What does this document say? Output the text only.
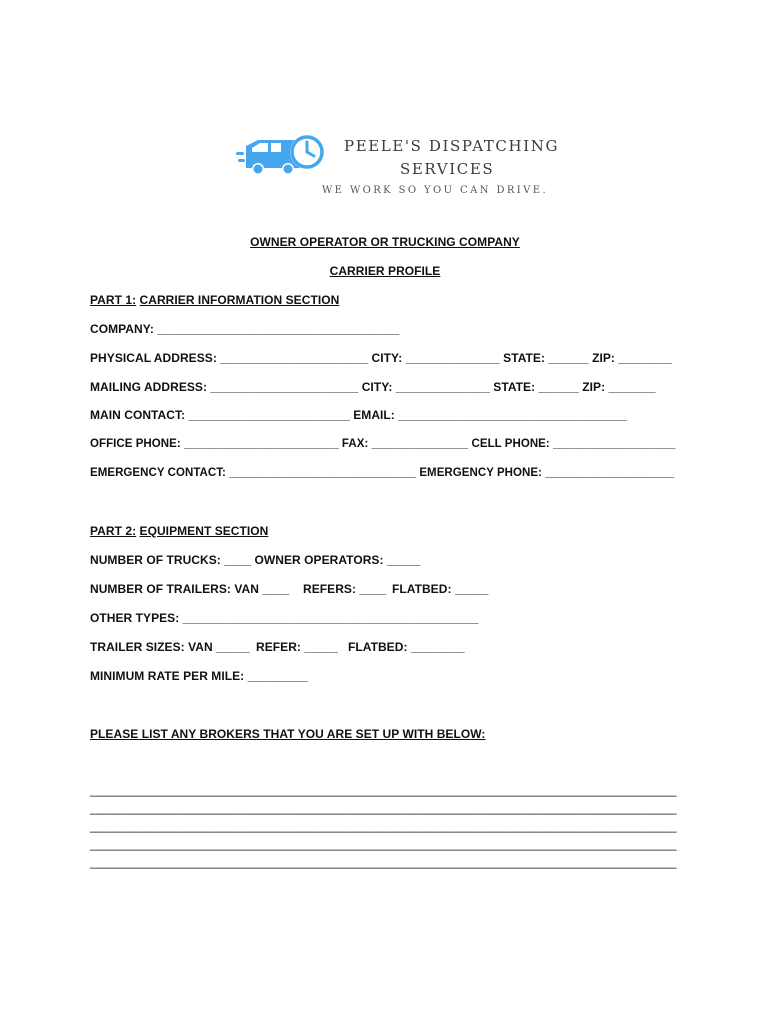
PEELE'S DISPATCHING
SERVICES
WE WORK SO YOU CAN DRIVE.
OWNER OPERATOR OR TRUCKING COMPANY
CARRIER PROFILE
PART 1: CARRIER INFORMATION SECTION
COMPANY: ____________________________________
PHYSICAL ADDRESS: ______________________ CITY: ______________ STATE: ______ ZIP: ________
MAILING ADDRESS: ______________________ CITY: ______________ STATE: ______ ZIP: _______
MAIN CONTACT: ________________________ EMAIL: __________________________________
OFFICE PHONE: ________________________ FAX: _______________ CELL PHONE: ___________________
EMERGENCY CONTACT: _____________________________ EMERGENCY PHONE: ____________________
PART 2: EQUIPMENT SECTION
NUMBER OF TRUCKS: ____ OWNER OPERATORS: _____
NUMBER OF TRAILERS: VAN ____ REFERS: ____ FLATBED: _____
OTHER TYPES: ____________________________________________
TRAILER SIZES: VAN _____ REFER: _____ FLATBED: ________
MINIMUM RATE PER MILE: _________
PLEASE LIST ANY BROKERS THAT YOU ARE SET UP WITH BELOW:
___________________________________________________________________________________________
___________________________________________________________________________________________
___________________________________________________________________________________________
___________________________________________________________________________________________
___________________________________________________________________________________________
